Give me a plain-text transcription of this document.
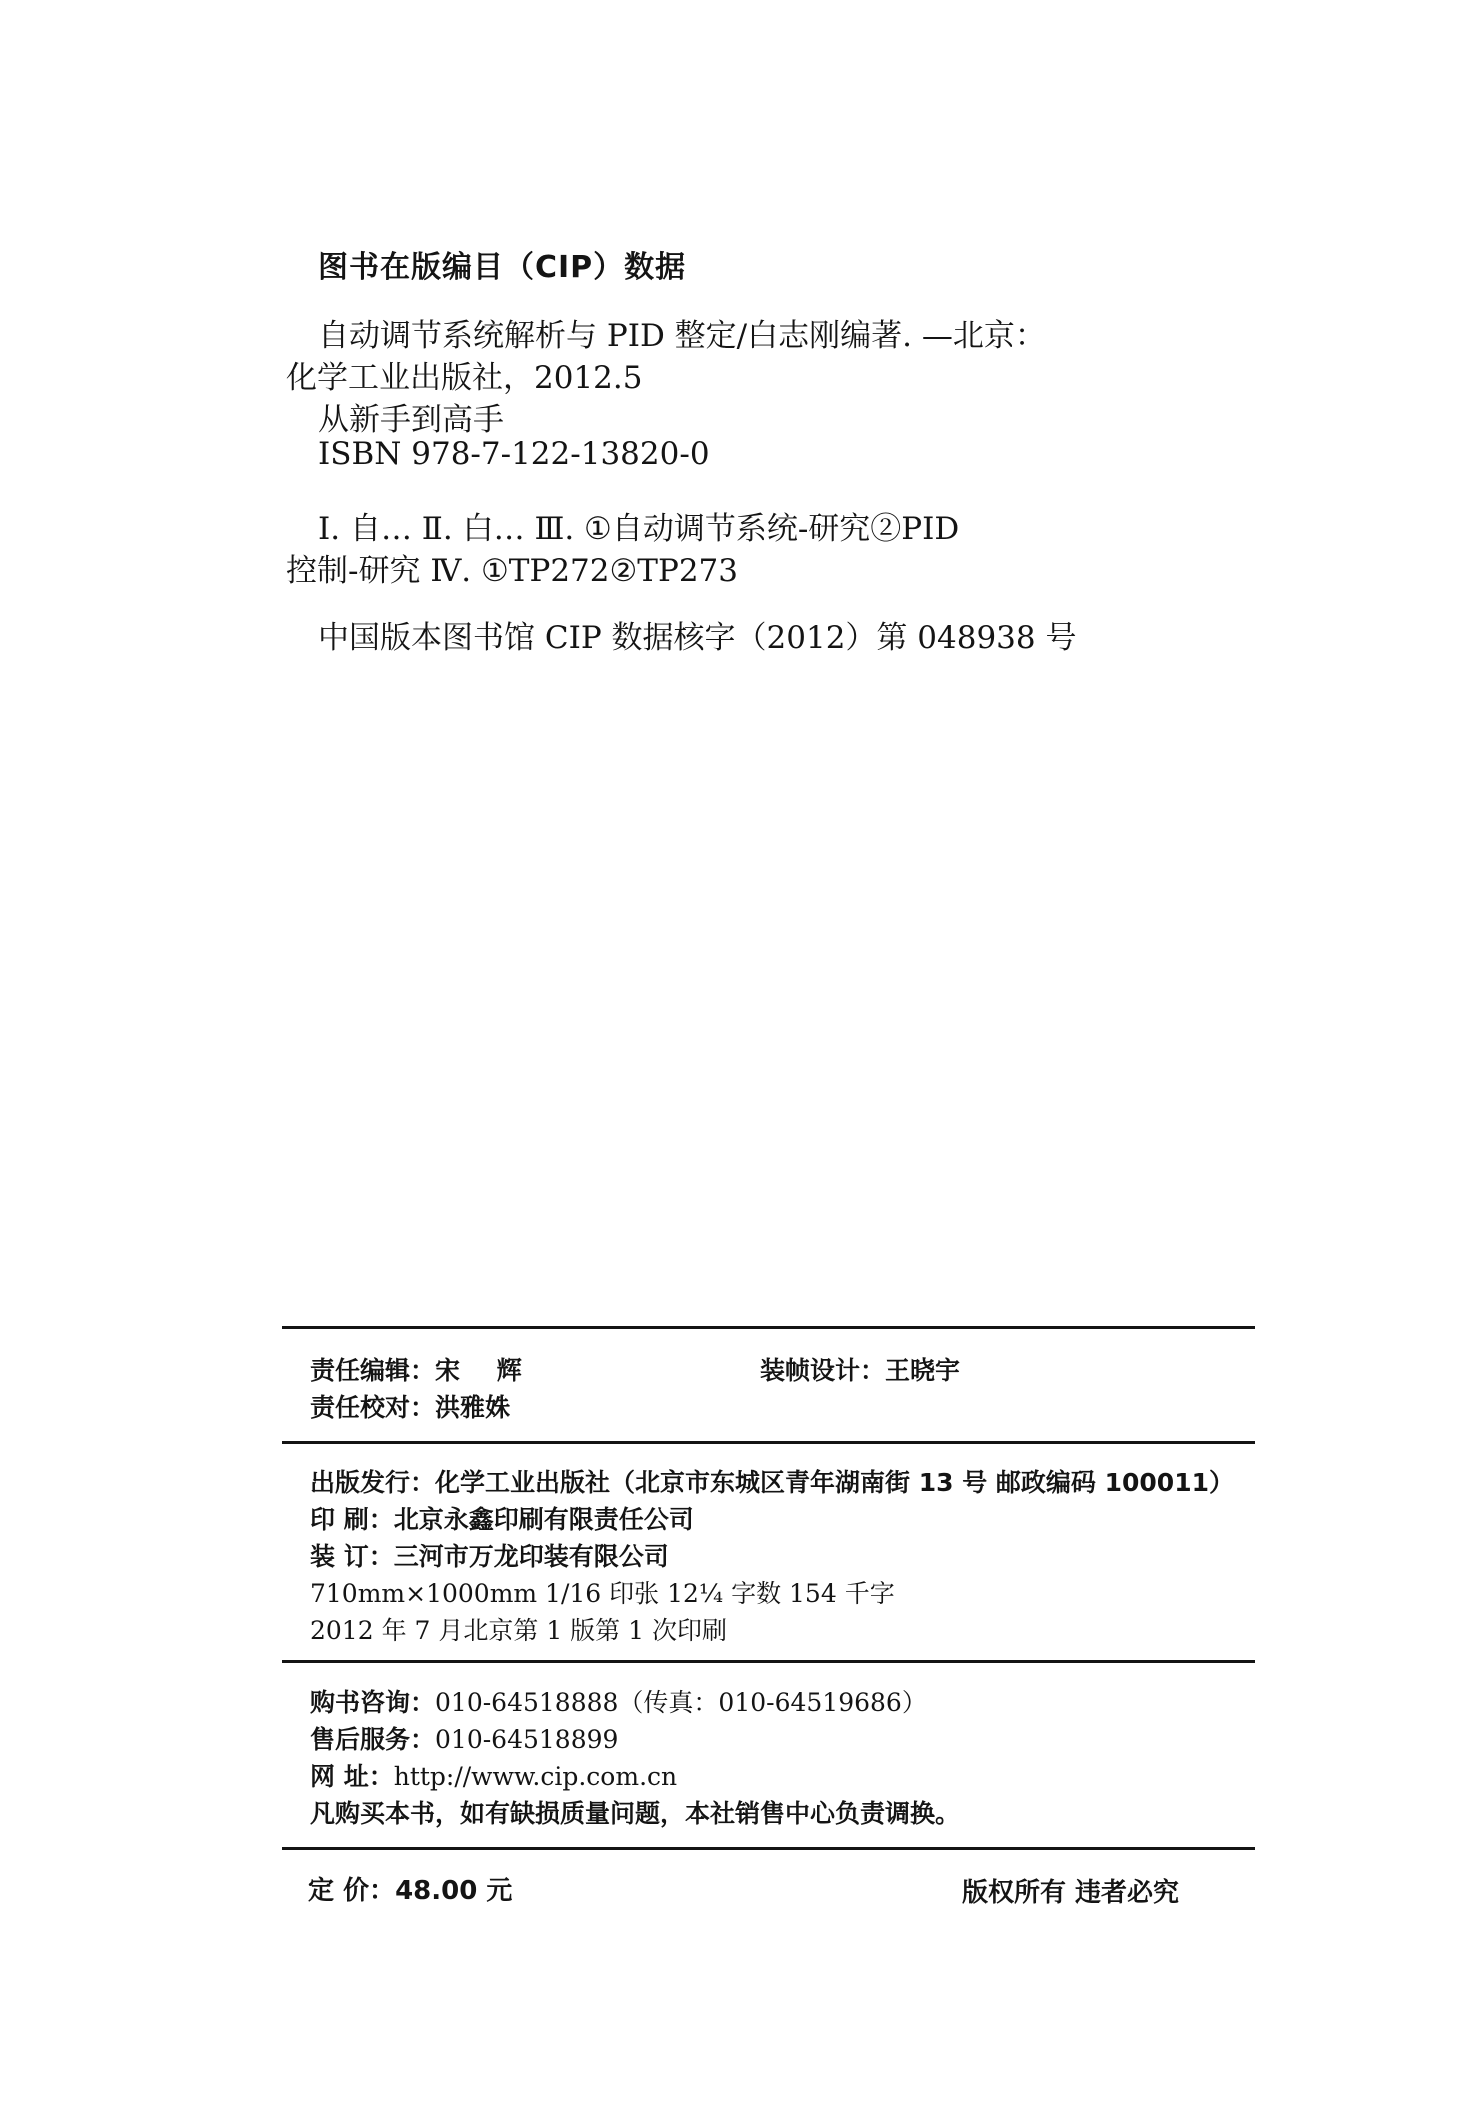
图书在版编目（CIP）数据
自动调节系统解析与 PID 整定/白志刚编著. —北京：
化学工业出版社，2012.5
从新手到高手
ISBN 978-7-122-13820-0
Ⅰ. 自… Ⅱ. 白… Ⅲ. ①自动调节系统-研究②PID
控制-研究 Ⅳ. ①TP272②TP273
中国版本图书馆 CIP 数据核字（2012）第 048938 号
责任编辑：宋 辉	装帧设计：王晓宇
责任校对：洪雅姝
出版发行：化学工业出版社（北京市东城区青年湖南街 13 号 邮政编码 100011）
印 刷：北京永鑫印刷有限责任公司
装 订：三河市万龙印装有限公司
710mm×1000mm 1/16 印张 12¼ 字数 154 千字
2012 年 7 月北京第 1 版第 1 次印刷
购书咨询：010-64518888（传真：010-64519686）
售后服务：010-64518899
网 址：http://www.cip.com.cn
凡购买本书，如有缺损质量问题，本社销售中心负责调换。
定 价：48.00 元	版权所有 违者必究
